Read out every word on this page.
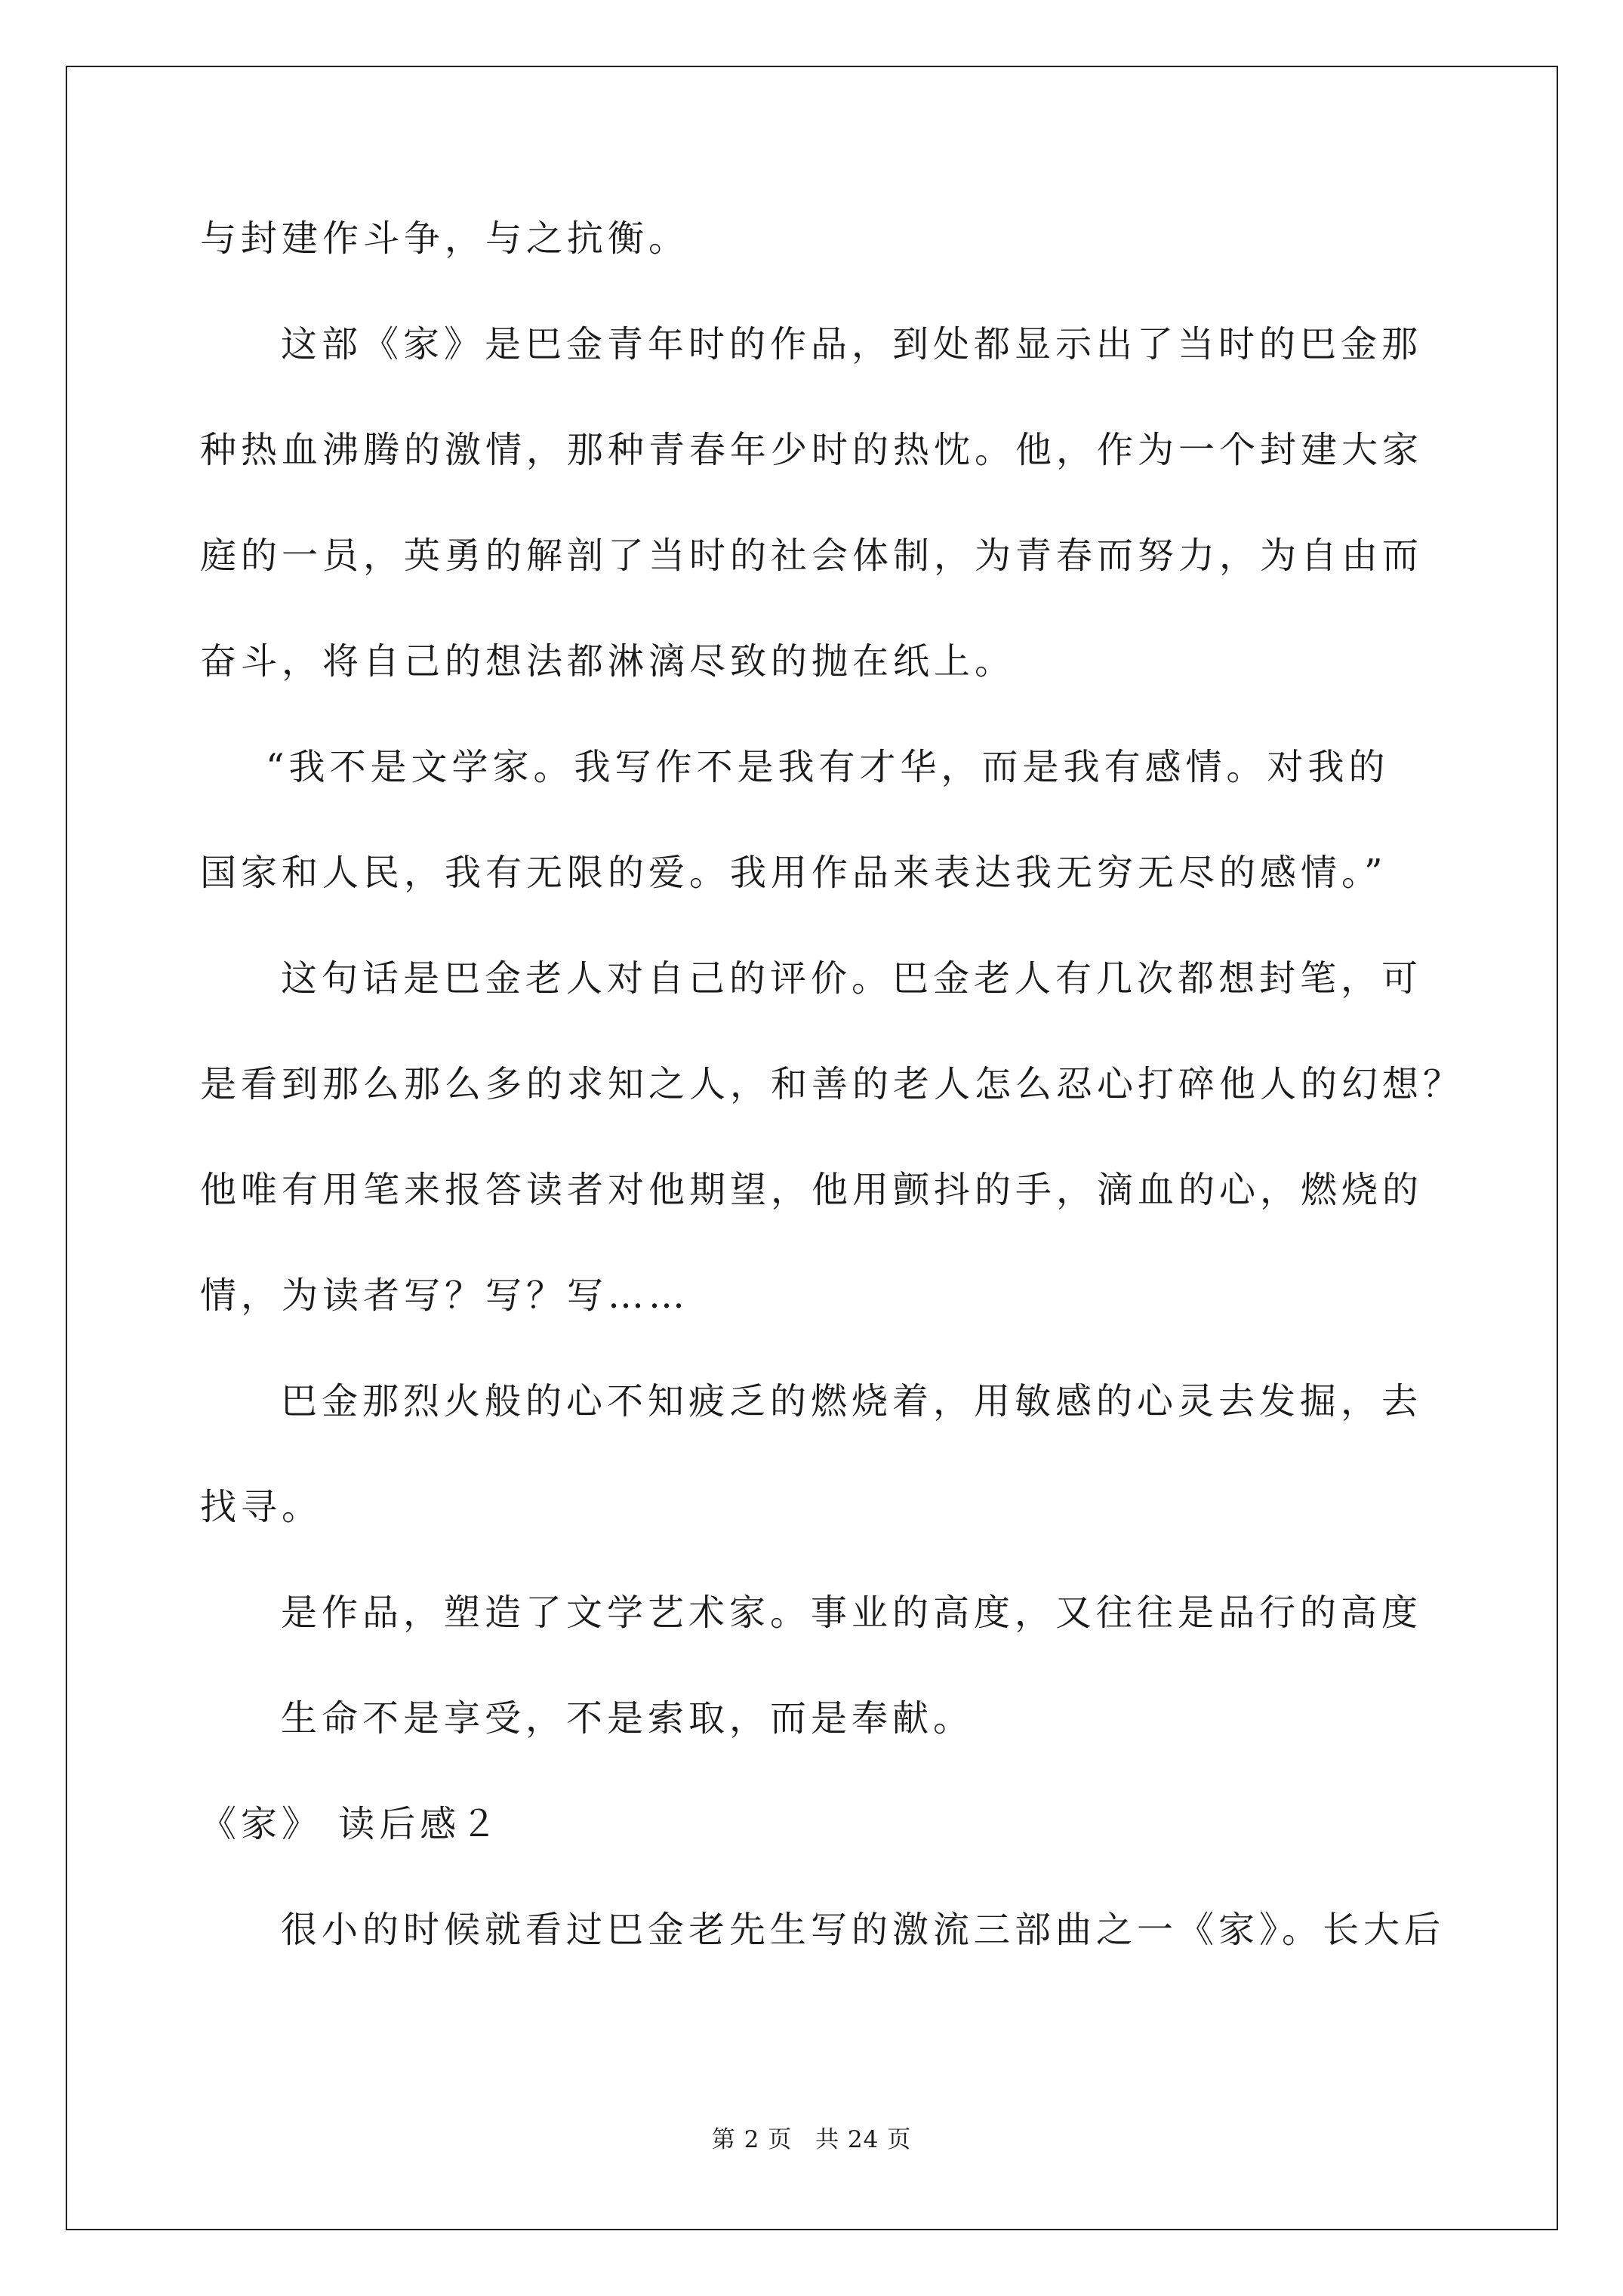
与封建作斗争，与之抗衡。
这部《家》是巴金青年时的作品，到处都显示出了当时的巴金那
种热血沸腾的激情，那种青春年少时的热忱。他，作为一个封建大家
庭的一员，英勇的解剖了当时的社会体制，为青春而努力，为自由而
奋斗，将自己的想法都淋漓尽致的抛在纸上。
“我不是文学家。我写作不是我有才华，而是我有感情。对我的
国家和人民，我有无限的爱。我用作品来表达我无穷无尽的感情。”
这句话是巴金老人对自己的评价。巴金老人有几次都想封笔，可
是看到那么那么多的求知之人，和善的老人怎么忍心打碎他人的幻想？
他唯有用笔来报答读者对他期望，他用颤抖的手，滴血的心，燃烧的
情，为读者写？写？写……
巴金那烈火般的心不知疲乏的燃烧着，用敏感的心灵去发掘，去
找寻。
是作品，塑造了文学艺术家。事业的高度，又往往是品行的高度
生命不是享受，不是索取，而是奉献。
《家》 读后感２
很小的时候就看过巴金老先生写的激流三部曲之一《家》。长大后
第 2 页 共 24 页
